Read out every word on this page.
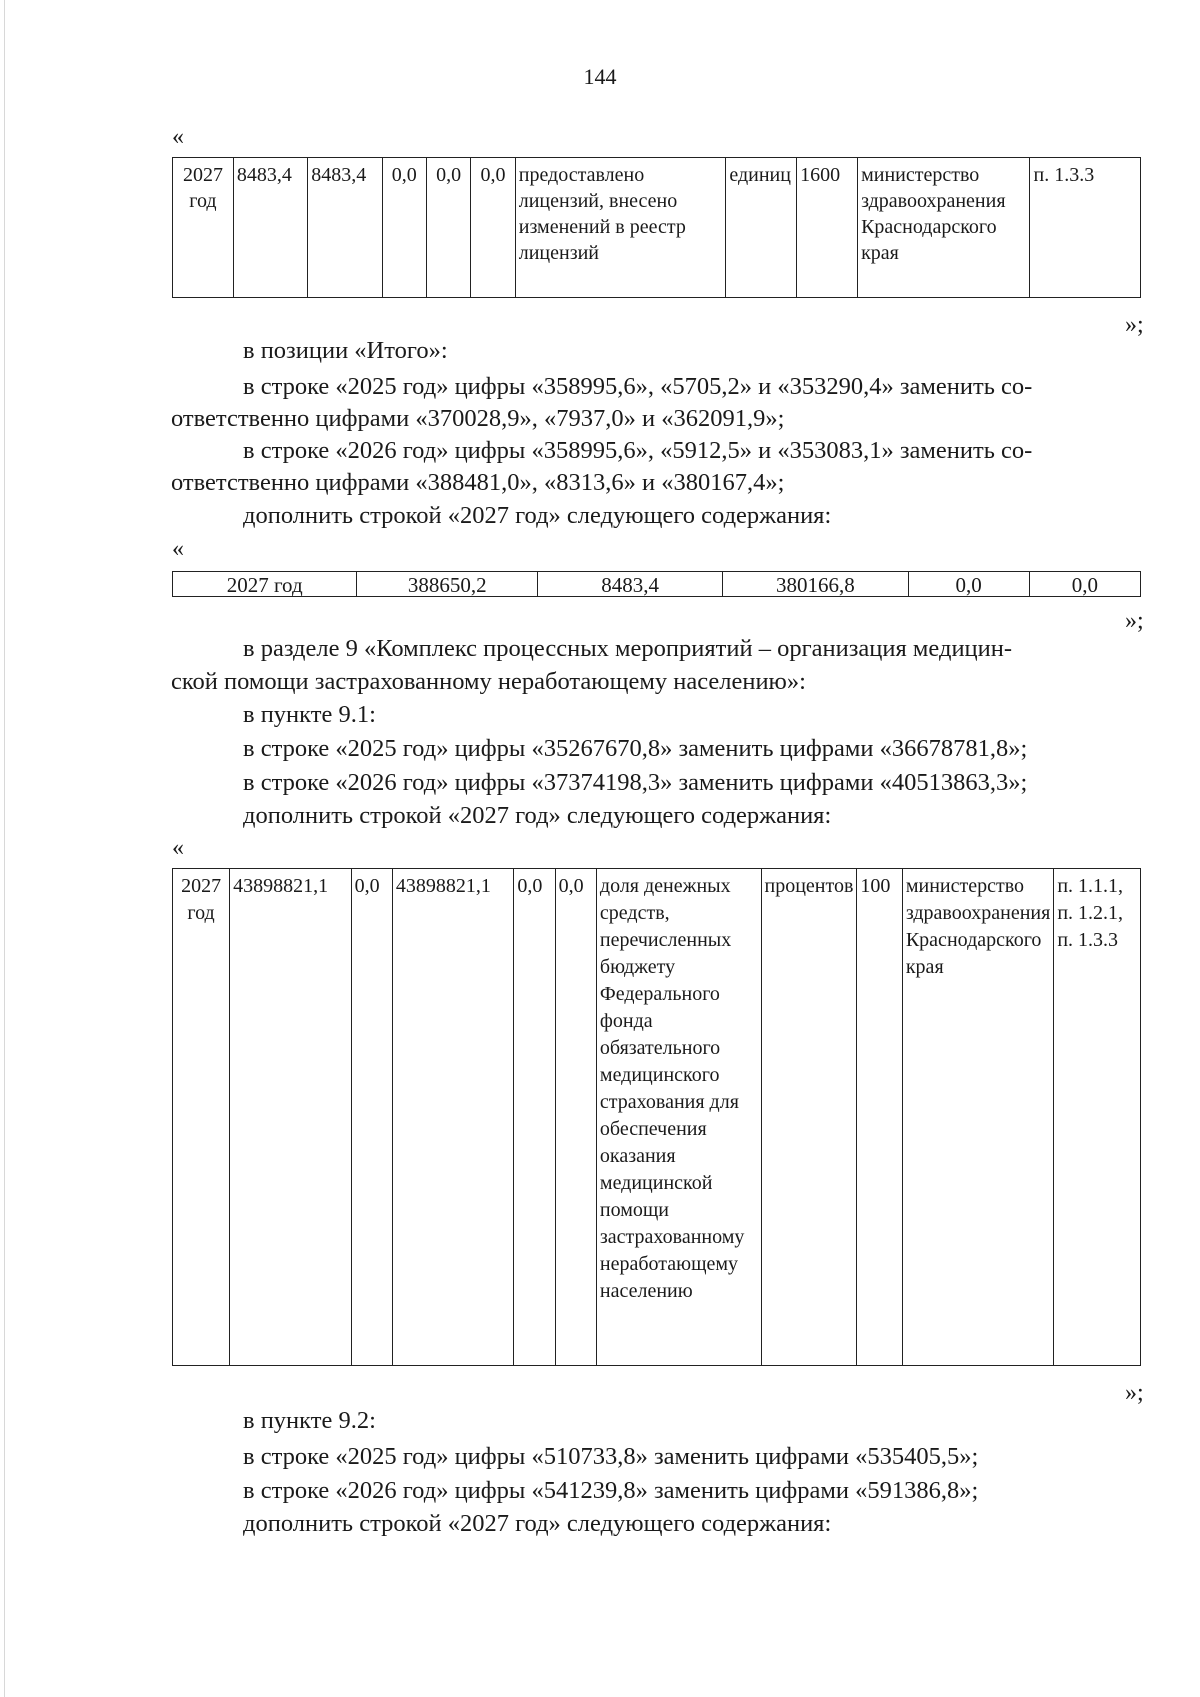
144
«
2027 год	8483,4	8483,4	0,0	0,0	0,0	предоставлено лицензий, внесено изменений в реестр лицензий	единиц	1600	министерство здравоохранения Краснодарского края	п. 1.3.3
»;
в позиции «Итого»:
в строке «2025 год» цифры «358995,6», «5705,2» и «353290,4» заменить со-
ответственно цифрами «370028,9», «7937,0» и «362091,9»;
в строке «2026 год» цифры «358995,6», «5912,5» и «353083,1» заменить со-
ответственно цифрами «388481,0», «8313,6» и «380167,4»;
дополнить строкой «2027 год» следующего содержания:
«
2027 год	388650,2	8483,4	380166,8	0,0	0,0
»;
в разделе 9 «Комплекс процессных мероприятий – организация медицин-
ской помощи застрахованному неработающему населению»:
в пункте 9.1:
в строке «2025 год» цифры «35267670,8» заменить цифрами «36678781,8»;
в строке «2026 год» цифры «37374198,3» заменить цифрами «40513863,3»;
дополнить строкой «2027 год» следующего содержания:
«
2027 год	43898821,1	0,0	43898821,1	0,0	0,0	доля денежных средств, перечисленных бюджету Федерального фонда обязательного медицинского страхования для обеспечения оказания медицинской помощи застрахованному неработающему населению	процентов	100	министерство здравоохранения Краснодарского края	п. 1.1.1, п. 1.2.1, п. 1.3.3
»;
в пункте 9.2:
в строке «2025 год» цифры «510733,8» заменить цифрами «535405,5»;
в строке «2026 год» цифры «541239,8» заменить цифрами «591386,8»;
дополнить строкой «2027 год» следующего содержания:
